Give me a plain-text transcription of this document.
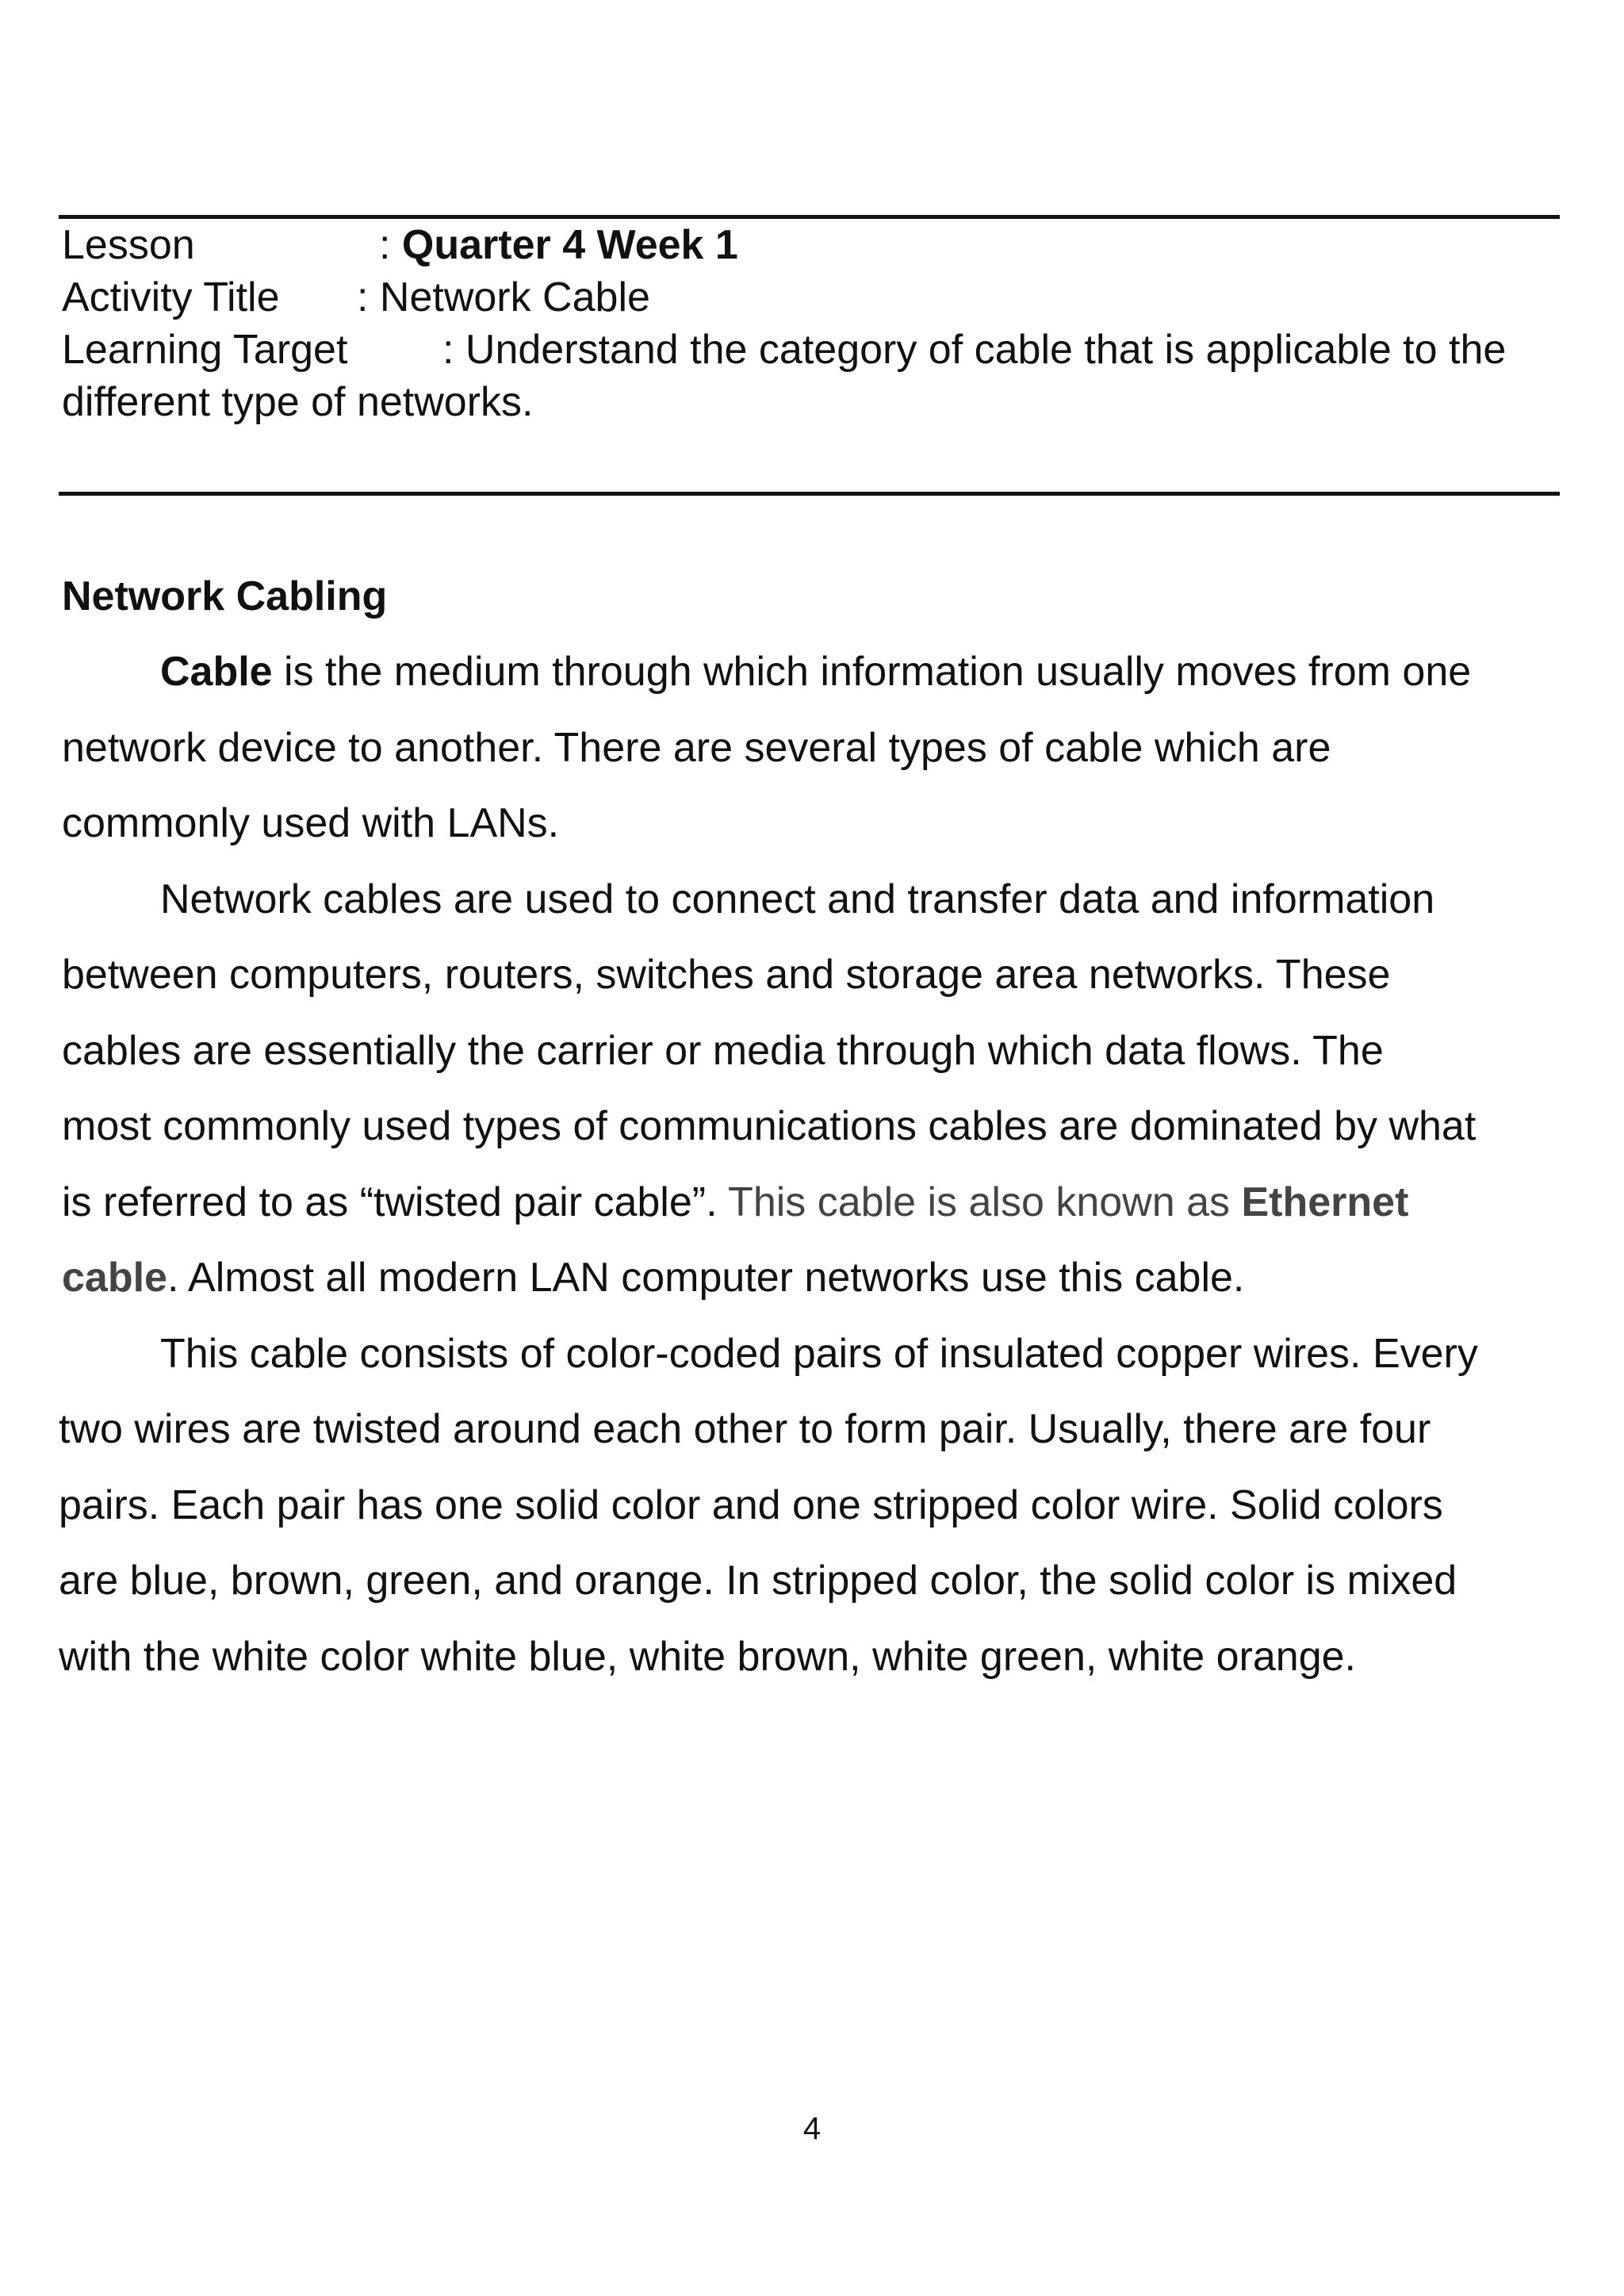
Lesson	: Quarter 4 Week 1
Activity Title : Network Cable
Learning Target : Understand the category of cable that is applicable to the
different type of networks.
Network Cabling
Cable is the medium through which information usually moves from one
network device to another. There are several types of cable which are
commonly used with LANs.
Network cables are used to connect and transfer data and information
between computers, routers, switches and storage area networks. These
cables are essentially the carrier or media through which data flows. The
most commonly used types of communications cables are dominated by what
is referred to as “twisted pair cable”. This cable is also known as Ethernet
cable. Almost all modern LAN computer networks use this cable.
This cable consists of color-coded pairs of insulated copper wires. Every
two wires are twisted around each other to form pair. Usually, there are four
pairs. Each pair has one solid color and one stripped color wire. Solid colors
are blue, brown, green, and orange. In stripped color, the solid color is mixed
with the white color white blue, white brown, white green, white orange.
4
